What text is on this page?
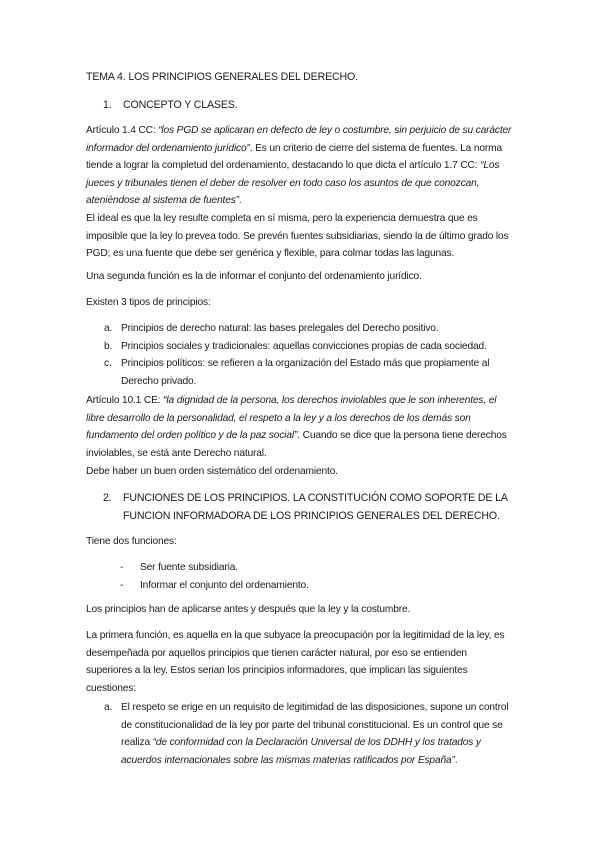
TEMA 4. LOS PRINCIPIOS GENERALES DEL DERECHO.

1. CONCEPTO Y CLASES.

Artículo 1.4 CC: “los PGD se aplicaran en defecto de ley o costumbre, sin perjuicio de su carácter informador del ordenamiento jurídico”. Es un criterio de cierre del sistema de fuentes. La norma tiende a lograr la completud del ordenamiento, destacando lo que dicta el artículo 1.7 CC: “Los jueces y tribunales tienen el deber de resolver en todo caso los asuntos de que conozcan, ateniéndose al sistema de fuentes”.

El ideal es que la ley resulte completa en sí misma, pero la experiencia demuestra que es imposible que la ley lo prevea todo. Se prevén fuentes subsidiarias, siendo la de último grado los PGD; es una fuente que debe ser genérica y flexible, para colmar todas las lagunas.

Una segunda función es la de informar el conjunto del ordenamiento jurídico.

Existen 3 tipos de principios:

a. Principios de derecho natural: las bases prelegales del Derecho positivo.
b. Principios sociales y tradicionales: aquellas convicciones propias de cada sociedad.
c. Principios políticos: se refieren a la organización del Estado más que propiamente al Derecho privado.

Artículo 10.1 CE: “la dignidad de la persona, los derechos inviolables que le son inherentes, el libre desarrollo de la personalidad, el respeto a la ley y a los derechos de los demás son fundamento del orden político y de la paz social”. Cuando se dice que la persona tiene derechos inviolables, se está ante Derecho natural.

Debe haber un buen orden sistemático del ordenamiento.

2. FUNCIONES DE LOS PRINCIPIOS. LA CONSTITUCIÓN COMO SOPORTE DE LA FUNCION INFORMADORA DE LOS PRINCIPIOS GENERALES DEL DERECHO.

Tiene dos funciones:

- Ser fuente subsidiaria.
- Informar el conjunto del ordenamiento.

Los principios han de aplicarse antes y después que la ley y la costumbre.

La primera función, es aquella en la que subyace la preocupación por la legitimidad de la ley, es desempeñada por aquellos principios que tienen carácter natural, por eso se entienden superiores a la ley. Estos serian los principios informadores, que implican las siguientes cuestiones:

a. El respeto se erige en un requisito de legitimidad de las disposiciones, supone un control de constitucionalidad de la ley por parte del tribunal constitucional. Es un control que se realiza “de conformidad con la Declaración Universal de los DDHH y los tratados y acuerdos internacionales sobre las mismas materias ratificados por España”.
